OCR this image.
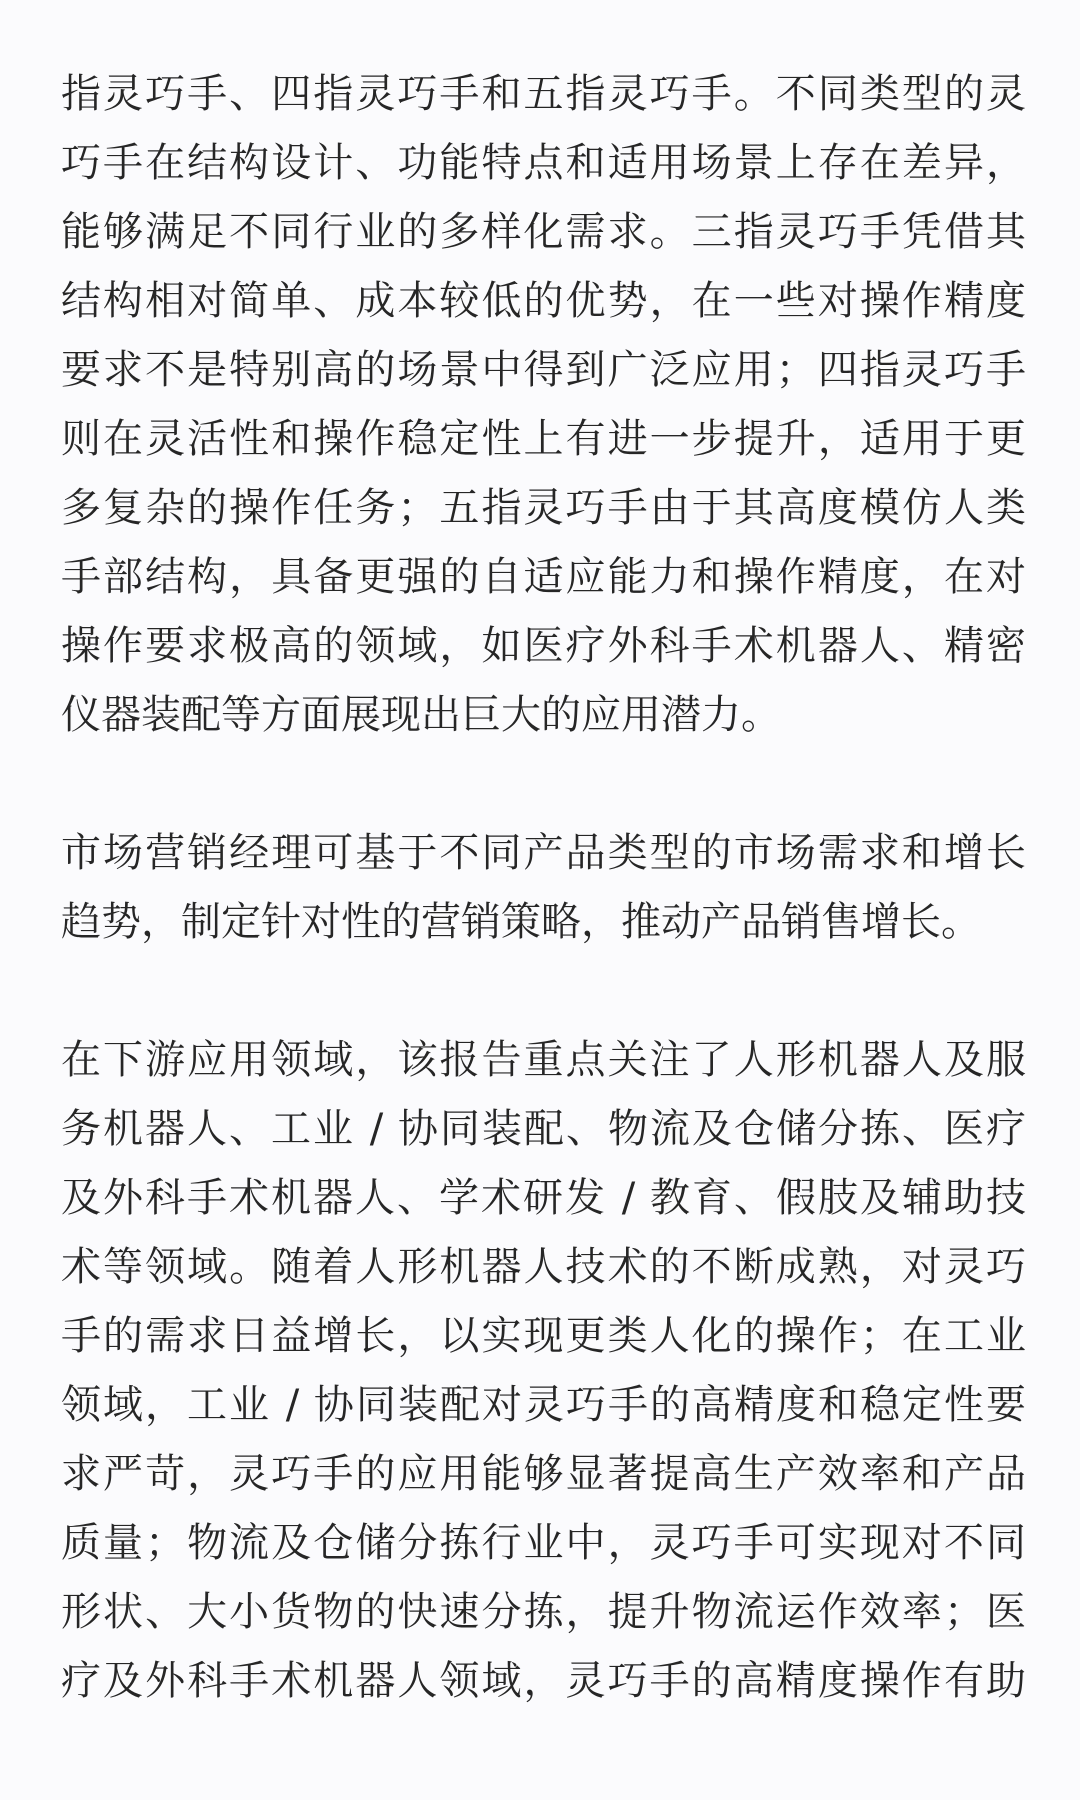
指灵巧手、四指灵巧手和五指灵巧手。不同类型的灵
巧手在结构设计、功能特点和适用场景上存在差异，
能够满足不同行业的多样化需求。三指灵巧手凭借其
结构相对简单、成本较低的优势，在一些对操作精度
要求不是特别高的场景中得到广泛应用；四指灵巧手
则在灵活性和操作稳定性上有进一步提升，适用于更
多复杂的操作任务；五指灵巧手由于其高度模仿人类
手部结构，具备更强的自适应能力和操作精度，在对
操作要求极高的领域，如医疗外科手术机器人、精密
仪器装配等方面展现出巨大的应用潜力。

市场营销经理可基于不同产品类型的市场需求和增长
趋势，制定针对性的营销策略，推动产品销售增长。

在下游应用领域，该报告重点关注了人形机器人及服
务机器人、工业 / 协同装配、物流及仓储分拣、医疗
及外科手术机器人、学术研发 / 教育、假肢及辅助技
术等领域。随着人形机器人技术的不断成熟，对灵巧
手的需求日益增长，以实现更类人化的操作；在工业
领域，工业 / 协同装配对灵巧手的高精度和稳定性要
求严苛，灵巧手的应用能够显著提高生产效率和产品
质量；物流及仓储分拣行业中，灵巧手可实现对不同
形状、大小货物的快速分拣，提升物流运作效率；医
疗及外科手术机器人领域，灵巧手的高精度操作有助
